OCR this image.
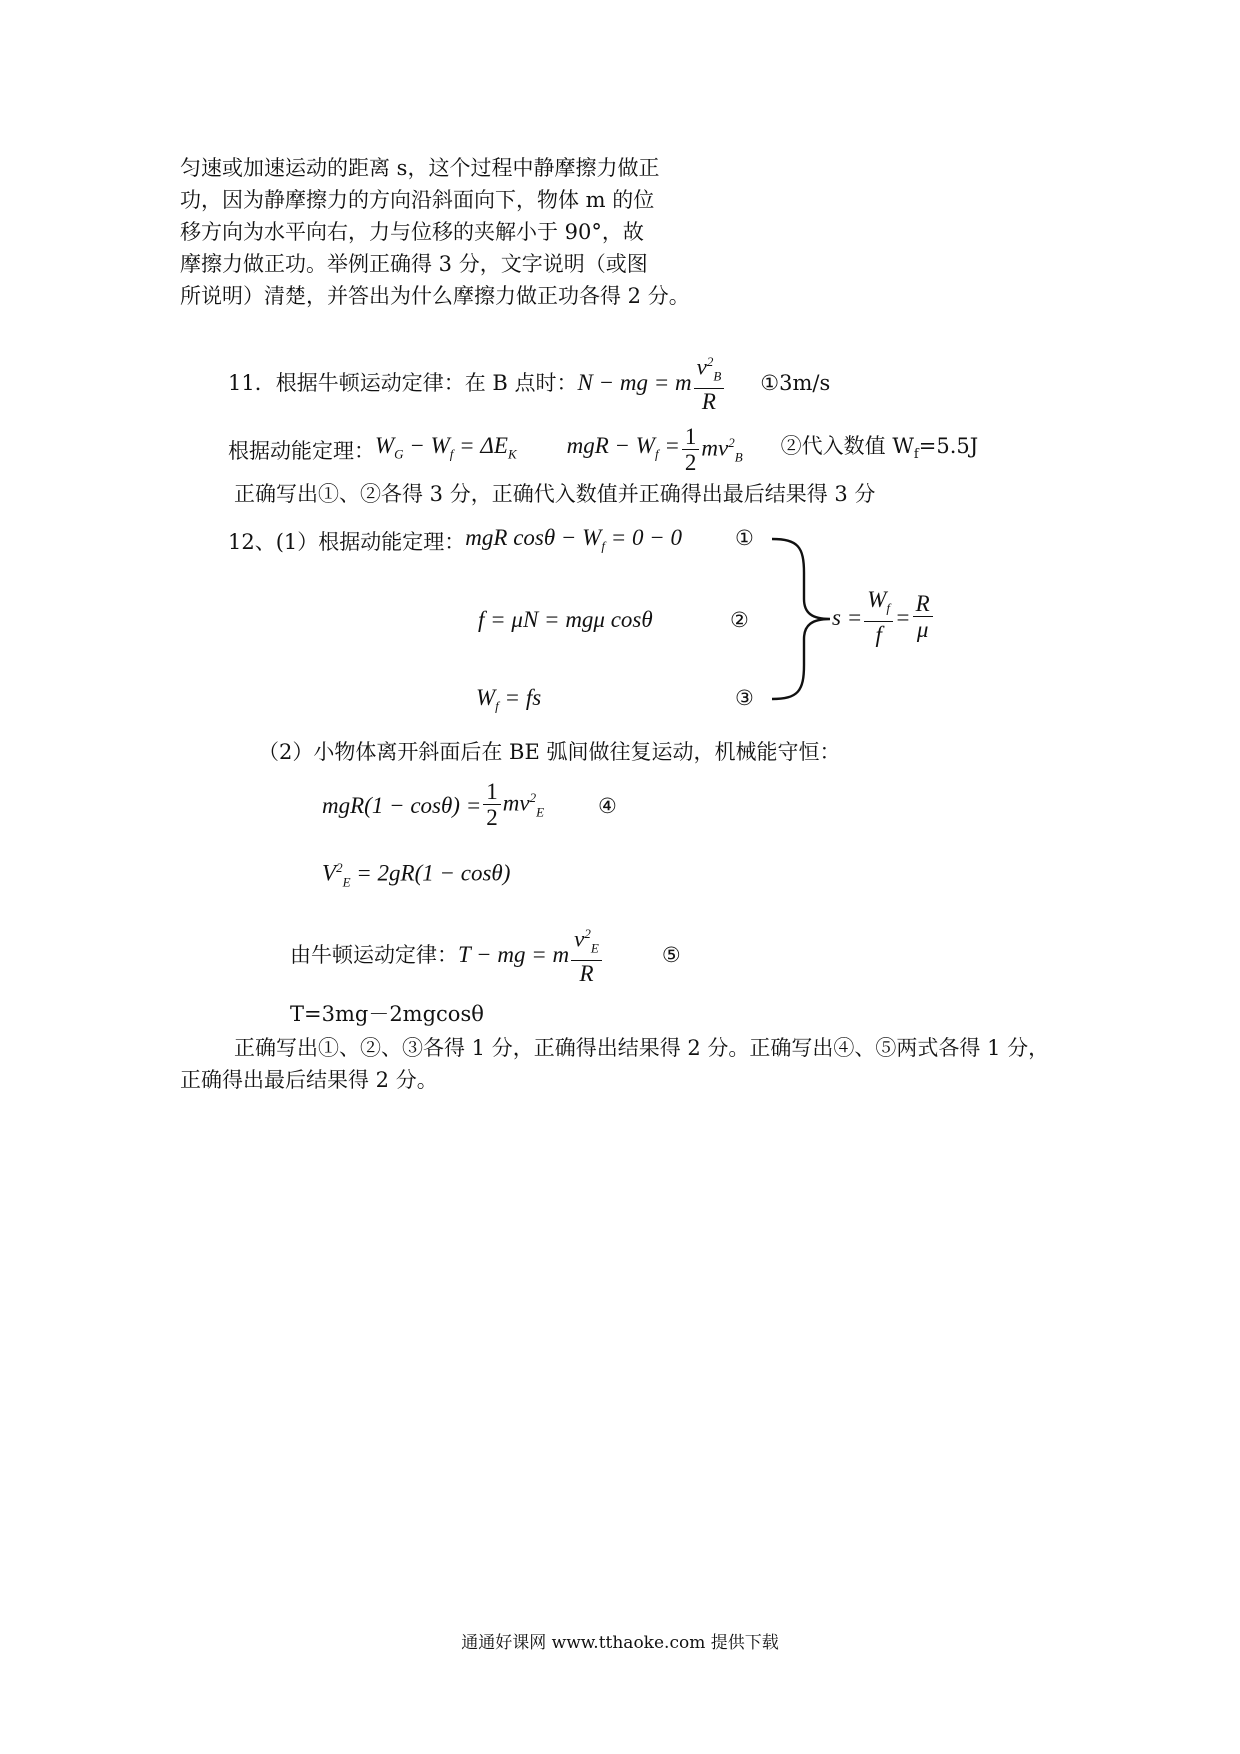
匀速或加速运动的距离 s，这个过程中静摩擦力做正
功，因为静摩擦力的方向沿斜面向下，物体 m 的位
移方向为水平向右，力与位移的夹解小于 90°，故
摩擦力做正功。举例正确得 3 分，文字说明（或图
所说明）清楚，并答出为什么摩擦力做正功各得 2 分。
11．根据牛顿运动定律：在 B 点时： N − mg = m $\frac{v^2_B}{R}$ ①3m/s
根据动能定理： $W_G - W_f = \Delta E_K$ mgR − $W_f = \frac{1}{2} mv^2_B$ ②代入数值 $W_f=5.5J$
正确写出①、②各得 3 分，正确代入数值并正确得出最后结果得 3 分
12、(1）根据动能定理： mgR $\cos\theta - W_f = 0 - 0$	①
f = μN = mgμ cosθ	②
$W_f$ = fs	③
$s = \frac{W_f}{f} = \frac{R}{\mu}$
（2）小物体离开斜面后在 BE 弧间做往复运动，机械能守恒：
$mgR(1 - \cos\theta) = \frac{1}{2} mv^2_E$	④
$V^2_E = 2gR(1 - \cos\theta)$
由牛顿运动定律： T − mg = m $\frac{v^2_E}{R}$	⑤
T=3mg－2mgcosθ
正确写出①、②、③各得 1 分，正确得出结果得 2 分。正确写出④、⑤两式各得 1 分，
正确得出最后结果得 2 分。
通通好课网 www.tthaoke.com 提供下载
